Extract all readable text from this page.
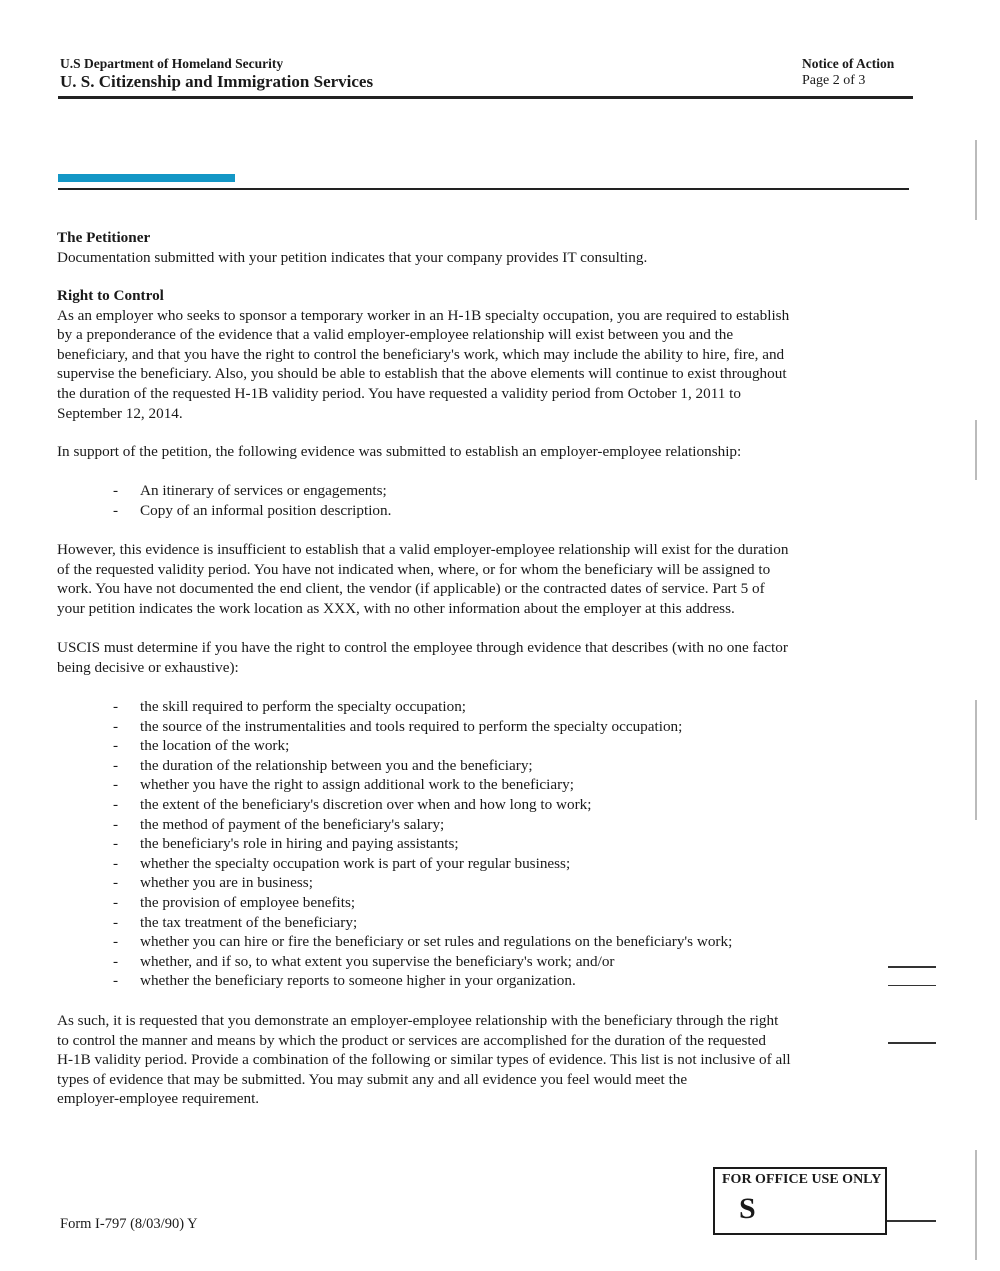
U.S Department of Homeland Security
U. S. Citizenship and Immigration Services
Notice of Action
Page 2 of 3

The Petitioner

Documentation submitted with your petition indicates that your company provides IT consulting.

Right to Control

As an employer who seeks to sponsor a temporary worker in an H-1B specialty occupation, you are required to establish
by a preponderance of the evidence that a valid employer-employee relationship will exist between you and the
beneficiary, and that you have the right to control the beneficiary's work, which may include the ability to hire, fire, and
supervise the beneficiary. Also, you should be able to establish that the above elements will continue to exist throughout
the duration of the requested H-1B validity period. You have requested a validity period from October 1, 2011 to
September 12, 2014.
In support of the petition, the following evidence was submitted to establish an employer-employee relationship:
- An itinerary of services or engagements;
- Copy of an informal position description.
However, this evidence is insufficient to establish that a valid employer-employee relationship will exist for the duration
of the requested validity period. You have not indicated when, where, or for whom the beneficiary will be assigned to
work. You have not documented the end client, the vendor (if applicable) or the contracted dates of service. Part 5 of
your petition indicates the work location as XXX, with no other information about the employer at this address.
USCIS must determine if you have the right to control the employee through evidence that describes (with no one factor
being decisive or exhaustive):
- the skill required to perform the specialty occupation;
- the source of the instrumentalities and tools required to perform the specialty occupation;
- the location of the work;
- the duration of the relationship between you and the beneficiary;
- whether you have the right to assign additional work to the beneficiary;
- the extent of the beneficiary's discretion over when and how long to work;
- the method of payment of the beneficiary's salary;
- the beneficiary's role in hiring and paying assistants;
- whether the specialty occupation work is part of your regular business;
- whether you are in business;
- the provision of employee benefits;
- the tax treatment of the beneficiary;
- whether you can hire or fire the beneficiary or set rules and regulations on the beneficiary's work;
- whether, and if so, to what extent you supervise the beneficiary's work; and/or
- whether the beneficiary reports to someone higher in your organization.
As such, it is requested that you demonstrate an employer-employee relationship with the beneficiary through the right
to control the manner and means by which the product or services are accomplished for the duration of the requested
H-1B validity period. Provide a combination of the following or similar types of evidence. This list is not inclusive of all
types of evidence that may be submitted. You may submit any and all evidence you feel would meet the
employer-employee requirement.
FOR OFFICE USE ONLY
S
Form I-797 (8/03/90) Y
